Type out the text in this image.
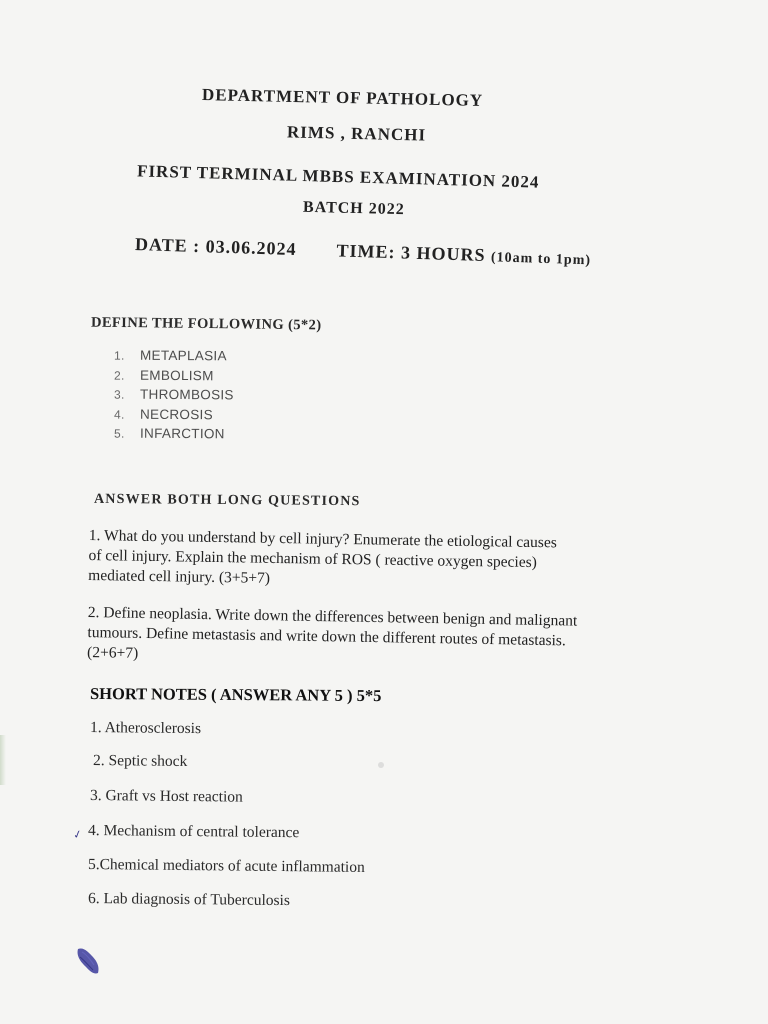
DEPARTMENT OF PATHOLOGY
RIMS , RANCHI
FIRST TERMINAL MBBS EXAMINATION 2024
BATCH 2022
DATE : 03.06.2024 TIME: 3 HOURS (10am to 1pm)
DEFINE THE FOLLOWING (5*2)
1. METAPLASIA
2. EMBOLISM
3. THROMBOSIS
4. NECROSIS
5. INFARCTION
ANSWER BOTH LONG QUESTIONS
1. What do you understand by cell injury? Enumerate the etiological causes
of cell injury. Explain the mechanism of ROS ( reactive oxygen species)
mediated cell injury. (3+5+7)
2. Define neoplasia. Write down the differences between benign and malignant
tumours. Define metastasis and write down the different routes of metastasis.
(2+6+7)
SHORT NOTES ( ANSWER ANY 5 ) 5*5
1. Atherosclerosis
2. Septic shock
3. Graft vs Host reaction
4. Mechanism of central tolerance
5.Chemical mediators of acute inflammation
6. Lab diagnosis of Tuberculosis
✓
